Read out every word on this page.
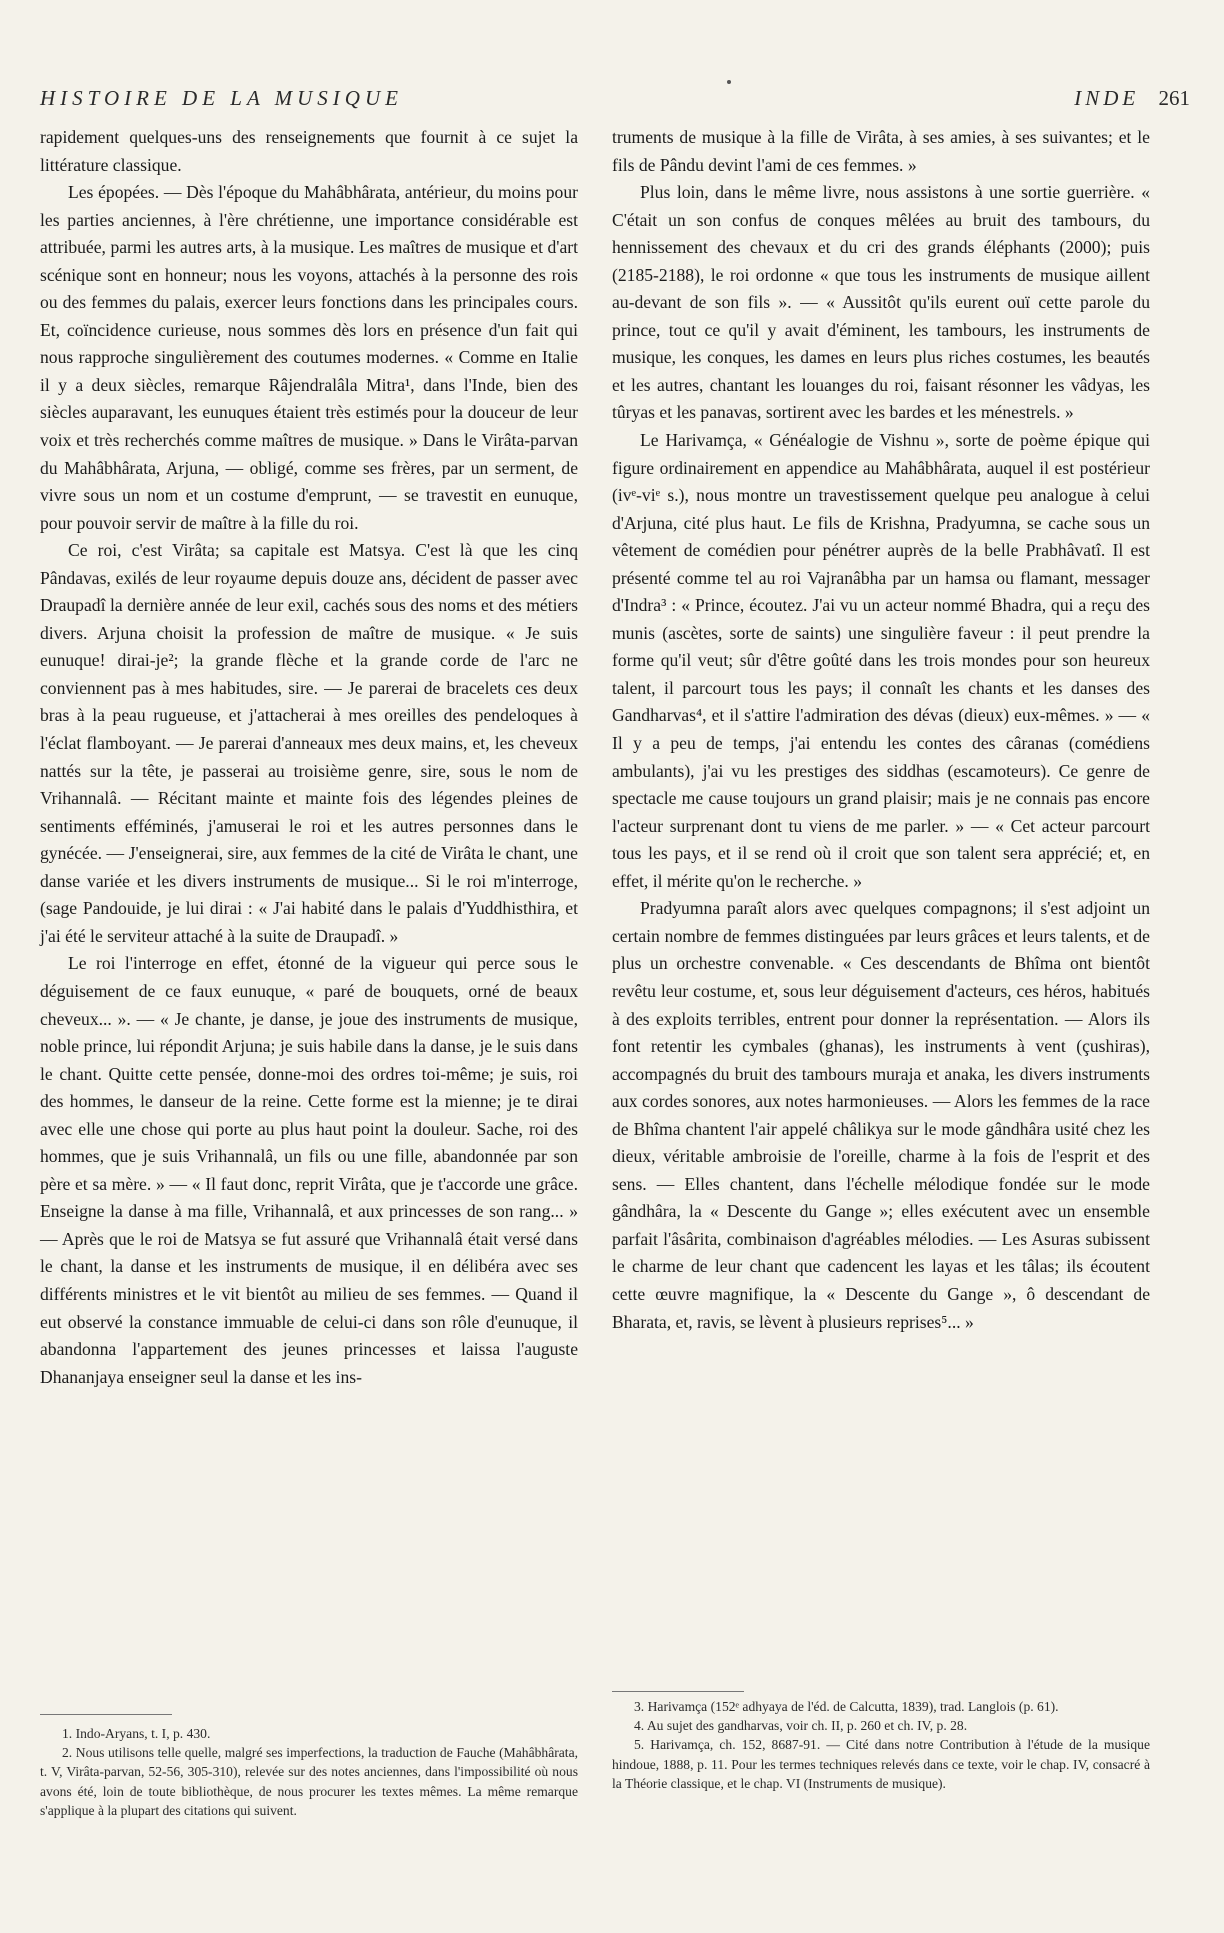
HISTOIRE DE LA MUSIQUE	INDE 261

rapidement quelques-uns des renseignements que fournit à ce sujet la littérature classique.

Les épopées. — Dès l'époque du Mahâbhârata, antérieur, du moins pour les parties anciennes, à l'ère chrétienne, une importance considérable est attribuée, parmi les autres arts, à la musique. Les maîtres de musique et d'art scénique sont en honneur; nous les voyons, attachés à la personne des rois ou des femmes du palais, exercer leurs fonctions dans les principales cours. Et, coïncidence curieuse, nous sommes dès lors en présence d'un fait qui nous rapproche singulièrement des coutumes modernes. « Comme en Italie il y a deux siècles, remarque Râjendralâla Mitra¹, dans l'Inde, bien des siècles auparavant, les eunuques étaient très estimés pour la douceur de leur voix et très recherchés comme maîtres de musique. » Dans le Virâta-parvan du Mahâbhârata, Arjuna, — obligé, comme ses frères, par un serment, de vivre sous un nom et un costume d'emprunt, — se travestit en eunuque, pour pouvoir servir de maître à la fille du roi.

Ce roi, c'est Virâta; sa capitale est Matsya. C'est là que les cinq Pândavas, exilés de leur royaume depuis douze ans, décident de passer avec Draupadî la dernière année de leur exil, cachés sous des noms et des métiers divers. Arjuna choisit la profession de maître de musique. « Je suis eunuque! dirai-je²; la grande flèche et la grande corde de l'arc ne conviennent pas à mes habitudes, sire. — Je parerai de bracelets ces deux bras à la peau rugueuse, et j'attacherai à mes oreilles des pendeloques à l'éclat flamboyant. — Je parerai d'anneaux mes deux mains, et, les cheveux nattés sur la tête, je passerai au troisième genre, sire, sous le nom de Vrihannalâ. — Récitant mainte et mainte fois des légendes pleines de sentiments efféminés, j'amuserai le roi et les autres personnes dans le gynécée. — J'enseignerai, sire, aux femmes de la cité de Virâta le chant, une danse variée et les divers instruments de musique... Si le roi m'interroge, (sage Pandouide, je lui dirai : « J'ai habité dans le palais d'Yuddhisthira, et j'ai été le serviteur attaché à la suite de Draupadî. »

Le roi l'interroge en effet, étonné de la vigueur qui perce sous le déguisement de ce faux eunuque, « paré de bouquets, orné de beaux cheveux... ». — « Je chante, je danse, je joue des instruments de musique, noble prince, lui répondit Arjuna; je suis habile dans la danse, je le suis dans le chant. Quitte cette pensée, donne-moi des ordres toi-même; je suis, roi des hommes, le danseur de la reine. Cette forme est la mienne; je te dirai avec elle une chose qui porte au plus haut point la douleur. Sache, roi des hommes, que je suis Vrihannalâ, un fils ou une fille, abandonnée par son père et sa mère. » — « Il faut donc, reprit Virâta, que je t'accorde une grâce. Enseigne la danse à ma fille, Vrihannalâ, et aux princesses de son rang... » — Après que le roi de Matsya se fut assuré que Vrihannalâ était versé dans le chant, la danse et les instruments de musique, il en délibéra avec ses différents ministres et le vit bientôt au milieu de ses femmes. — Quand il eut observé la constance immuable de celui-ci dans son rôle d'eunuque, il abandonna l'appartement des jeunes princesses et laissa l'auguste Dhananjaya enseigner seul la danse et les ins-

truments de musique à la fille de Virâta, à ses amies, à ses suivantes; et le fils de Pându devint l'ami de ces femmes. »

Plus loin, dans le même livre, nous assistons à une sortie guerrière. « C'était un son confus de conques mêlées au bruit des tambours, du hennissement des chevaux et du cri des grands éléphants (2000); puis (2185-2188), le roi ordonne « que tous les instruments de musique aillent au-devant de son fils ». — « Aussitôt qu'ils eurent ouï cette parole du prince, tout ce qu'il y avait d'éminent, les tambours, les instruments de musique, les conques, les dames en leurs plus riches costumes, les beautés et les autres, chantant les louanges du roi, faisant résonner les vâdyas, les tûryas et les panavas, sortirent avec les bardes et les ménestrels. »

Le Harivamça, « Généalogie de Vishnu », sorte de poème épique qui figure ordinairement en appendice au Mahâbhârata, auquel il est postérieur (ivᵉ-viᵉ s.), nous montre un travestissement quelque peu analogue à celui d'Arjuna, cité plus haut. Le fils de Krishna, Pradyumna, se cache sous un vêtement de comédien pour pénétrer auprès de la belle Prabhâvatî. Il est présenté comme tel au roi Vajranâbha par un hamsa ou flamant, messager d'Indra³ : « Prince, écoutez. J'ai vu un acteur nommé Bhadra, qui a reçu des munis (ascètes, sorte de saints) une singulière faveur : il peut prendre la forme qu'il veut; sûr d'être goûté dans les trois mondes pour son heureux talent, il parcourt tous les pays; il connaît les chants et les danses des Gandharvas⁴, et il s'attire l'admiration des dévas (dieux) eux-mêmes. » — « Il y a peu de temps, j'ai entendu les contes des câranas (comédiens ambulants), j'ai vu les prestiges des siddhas (escamoteurs). Ce genre de spectacle me cause toujours un grand plaisir; mais je ne connais pas encore l'acteur surprenant dont tu viens de me parler. » — « Cet acteur parcourt tous les pays, et il se rend où il croit que son talent sera apprécié; et, en effet, il mérite qu'on le recherche. »

Pradyumna paraît alors avec quelques compagnons; il s'est adjoint un certain nombre de femmes distinguées par leurs grâces et leurs talents, et de plus un orchestre convenable. « Ces descendants de Bhîma ont bientôt revêtu leur costume, et, sous leur déguisement d'acteurs, ces héros, habitués à des exploits terribles, entrent pour donner la représentation. — Alors ils font retentir les cymbales (ghanas), les instruments à vent (çushiras), accompagnés du bruit des tambours muraja et anaka, les divers instruments aux cordes sonores, aux notes harmonieuses. — Alors les femmes de la race de Bhîma chantent l'air appelé châlikya sur le mode gândhâra usité chez les dieux, véritable ambroisie de l'oreille, charme à la fois de l'esprit et des sens. — Elles chantent, dans l'échelle mélodique fondée sur le mode gândhâra, la « Descente du Gange »; elles exécutent avec un ensemble parfait l'âsârita, combinaison d'agréables mélodies. — Les Asuras subissent le charme de leur chant que cadencent les layas et les tâlas; ils écoutent cette œuvre magnifique, la « Descente du Gange », ô descendant de Bharata, et, ravis, se lèvent à plusieurs reprises⁵... »

1. Indo-Aryans, t. I, p. 430.

2. Nous utilisons telle quelle, malgré ses imperfections, la traduction de Fauche (Mahâbhârata, t. V, Virâta-parvan, 52-56, 305-310), relevée sur des notes anciennes, dans l'impossibilité où nous avons été, loin de toute bibliothèque, de nous procurer les textes mêmes. La même remarque s'applique à la plupart des citations qui suivent.

3. Harivamça (152ᵉ adhyaya de l'éd. de Calcutta, 1839), trad. Langlois (p. 61).

4. Au sujet des gandharvas, voir ch. II, p. 260 et ch. IV, p. 28.

5. Harivamça, ch. 152, 8687-91. — Cité dans notre Contribution à l'étude de la musique hindoue, 1888, p. 11. Pour les termes techniques relevés dans ce texte, voir le chap. IV, consacré à la Théorie classique, et le chap. VI (Instruments de musique).
